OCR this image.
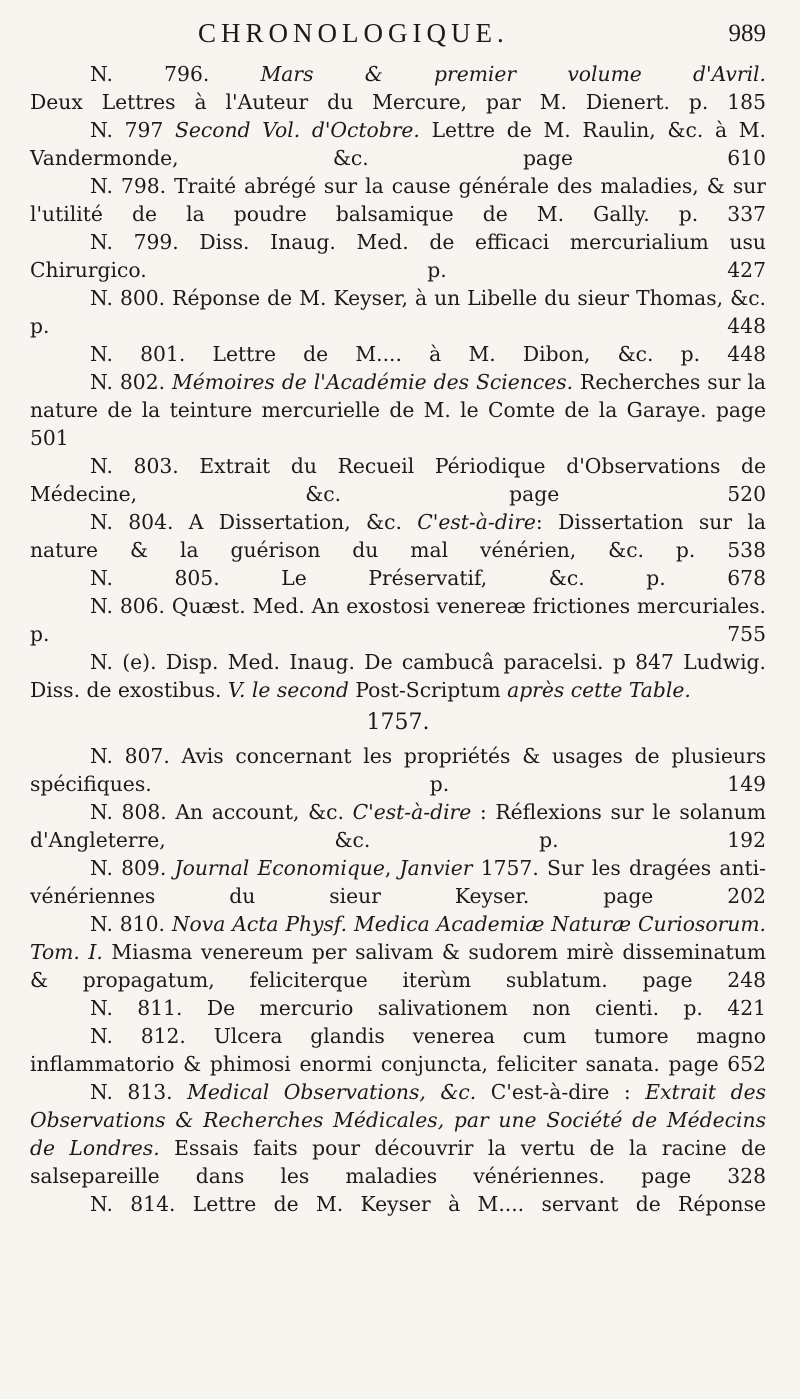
CHRONOLOGIQUE.	989
N. 796. Mars & premier volume d'Avril.
Deux Lettres à l'Auteur du Mercure, par M. Dienert. p. 185
N. 797 Second Vol. d'Octobre. Lettre de M. Raulin, &c. à M. Vandermonde, &c. page 610
N. 798. Traité abrégé sur la cause générale des maladies, & sur l'utilité de la poudre balsamique de M. Gally. p. 337
N. 799. Diss. Inaug. Med. de efficaci mercurialium usu Chirurgico. p. 427
N. 800. Réponse de M. Keyser, à un Libelle du sieur Thomas, &c. p. 448
N. 801. Lettre de M.... à M. Dibon, &c. p. 448
N. 802. Mémoires de l'Académie des Sciences. Recherches sur la nature de la teinture mercurielle de M. le Comte de la Garaye. page 501
N. 803. Extrait du Recueil Périodique d'Observations de Médecine, &c. page 520
N. 804. A Dissertation, &c. C'est-à-dire: Dissertation sur la nature & la guérison du mal vénérien, &c. p. 538
N. 805. Le Préservatif, &c. p. 678
N. 806. Quæst. Med. An exostosi venereæ frictiones mercuriales. p. 755
N. (e). Disp. Med. Inaug. De cambucâ paracelsi. p 847 Ludwig. Diss. de exostibus. V. le second Post-Scriptum après cette Table.
1757.
N. 807. Avis concernant les propriétés & usages de plusieurs spécifiques. p. 149
N. 808. An account, &c. C'est-à-dire : Réflexions sur le solanum d'Angleterre, &c. p. 192
N. 809. Journal Economique, Janvier 1757. Sur les dragées anti-vénériennes du sieur Keyser. page 202
N. 810. Nova Acta Physf. Medica Academiæ Naturæ Curiosorum. Tom. I. Miasma venereum per salivam & sudorem mirè disseminatum & propagatum, feliciterque iterùm sublatum. page 248
N. 811. De mercurio salivationem non cienti. p. 421
N. 812. Ulcera glandis venerea cum tumore magno inflammatorio & phimosi enormi conjuncta, feliciter sanata. page 652
N. 813. Medical Observations, &c. C'est-à-dire : Extrait des Observations & Recherches Médicales, par une Société de Médecins de Londres. Essais faits pour découvrir la vertu de la racine de salsepareille dans les maladies vénériennes. page 328
N. 814. Lettre de M. Keyser à M.... servant de Réponse
